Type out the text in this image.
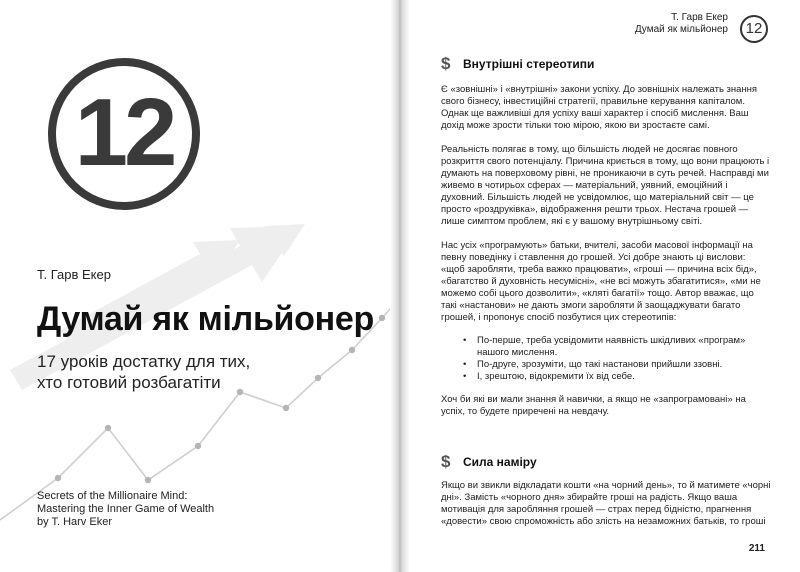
12
Т. Гарв Екер
Думай як мільйонер
17 уроків достатку для тих,
хто готовий розбагатіти
Secrets of the Millionaire Mind:
Mastering the Inner Game of Wealth
by T. Harv Eker
Т. Гарв Екер
Думай як мільйонер	12
$	Внутрішні стереотипи

Є «зовнішні» і «внутрішні» закони успіху. До зовнішніх належать знання свого бізнесу, інвестиційні стратегії, правильне керування капіталом. Однак ще важливіші для успіху ваші характер і спосіб мислення. Ваш дохід може зрости тільки тою мірою, якою ви зростаєте самі.

Реальність полягає в тому, що більшість людей не досягає повного розкриття свого потенціалу. Причина криється в тому, що вони працюють і думають на поверховому рівні, не проникаючи в суть речей. Насправді ми живемо в чотирьох сферах — матеріальний, уявний, емоційний і духовний. Більшість людей не усвідомлює, що матеріальний світ — це просто «роздруківка», відображення решти трьох. Нестача грошей — лише симптом проблем, які є у вашому внутрішньому світі.

Нас усіх «програмують» батьки, вчителі, засоби масової інформації на певну поведінку і ставлення до грошей. Усі добре знають ці вислови: «щоб заробляти, треба важко працювати», «гроші — причина всіх бід», «багатство й духовність несумісні», «не всі можуть збагатитися», «ми не можемо собі цього дозволити», «кляті багатії» тощо. Автор вважає, що такі «настанови» не дають змоги заробляти й заощаджувати багато грошей, і пропонує спосіб позбутися цих стереотипів:

• По-перше, треба усвідомити наявність шкідливих «програм» нашого мислення.
• По-друге, зрозуміти, що такі настанови прийшли ззовні.
• І, зрештою, відокремити їх від себе.

Хоч би які ви мали знання й навички, а якщо не «запрограмовані» на успіх, то будете приречені на невдачу.

$	Сила наміру

Якщо ви звикли відкладати кошти «на чорний день», то й матимете «чорні дні». Замість «чорного дня» збирайте гроші на радість. Якщо ваша мотивація для заробляння грошей — страх перед бідністю, прагнення «довести» свою спроможність або злість на незаможних батьків, то гроші

211
